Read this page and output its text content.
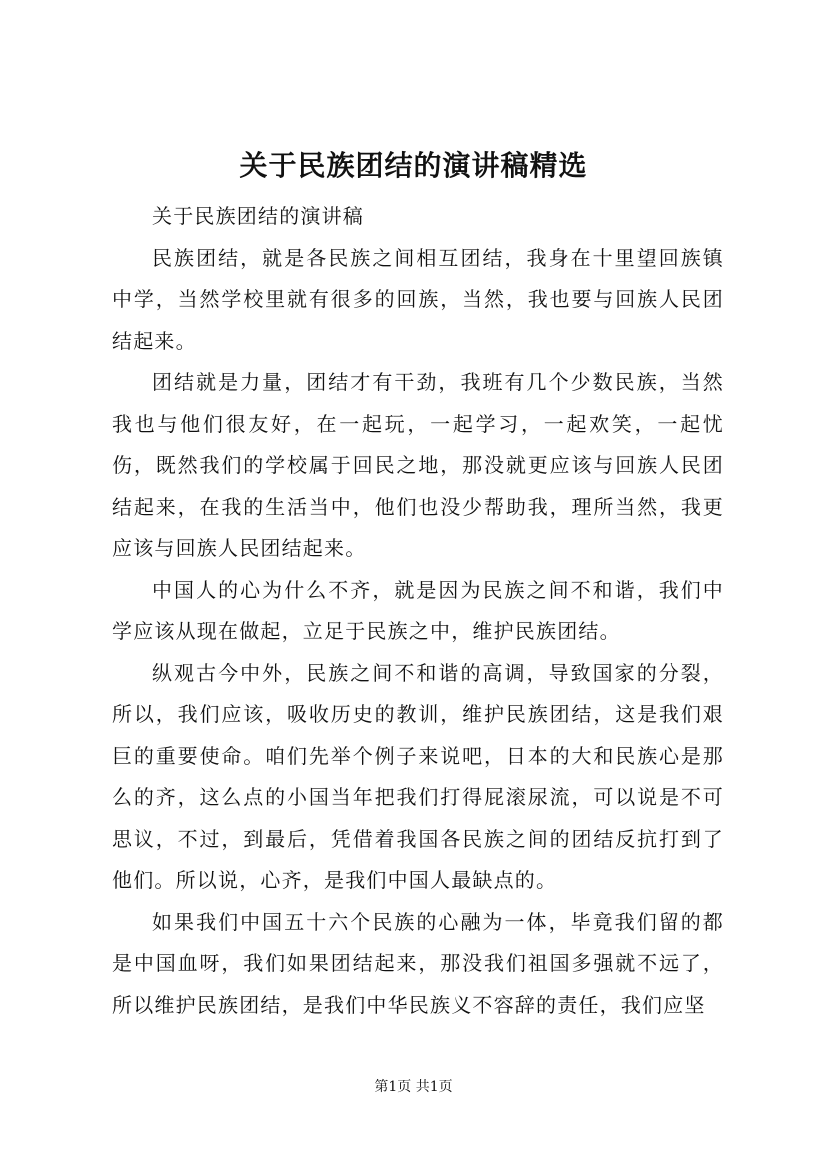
关于民族团结的演讲稿精选

关于民族团结的演讲稿

民族团结，就是各民族之间相互团结，我身在十里望回族镇中学，当然学校里就有很多的回族，当然，我也要与回族人民团结起来。

团结就是力量，团结才有干劲，我班有几个少数民族，当然我也与他们很友好，在一起玩，一起学习，一起欢笑，一起忧伤，既然我们的学校属于回民之地，那没就更应该与回族人民团结起来，在我的生活当中，他们也没少帮助我，理所当然，我更应该与回族人民团结起来。

中国人的心为什么不齐，就是因为民族之间不和谐，我们中学应该从现在做起，立足于民族之中，维护民族团结。

纵观古今中外，民族之间不和谐的高调，导致国家的分裂，所以，我们应该，吸收历史的教训，维护民族团结，这是我们艰巨的重要使命。咱们先举个例子来说吧，日本的大和民族心是那么的齐，这么点的小国当年把我们打得屁滚尿流，可以说是不可思议，不过，到最后，凭借着我国各民族之间的团结反抗打到了他们。所以说，心齐，是我们中国人最缺点的。

如果我们中国五十六个民族的心融为一体，毕竟我们留的都是中国血呀，我们如果团结起来，那没我们祖国多强就不远了，所以维护民族团结，是我们中华民族义不容辞的责任，我们应坚

第1页 共1页
